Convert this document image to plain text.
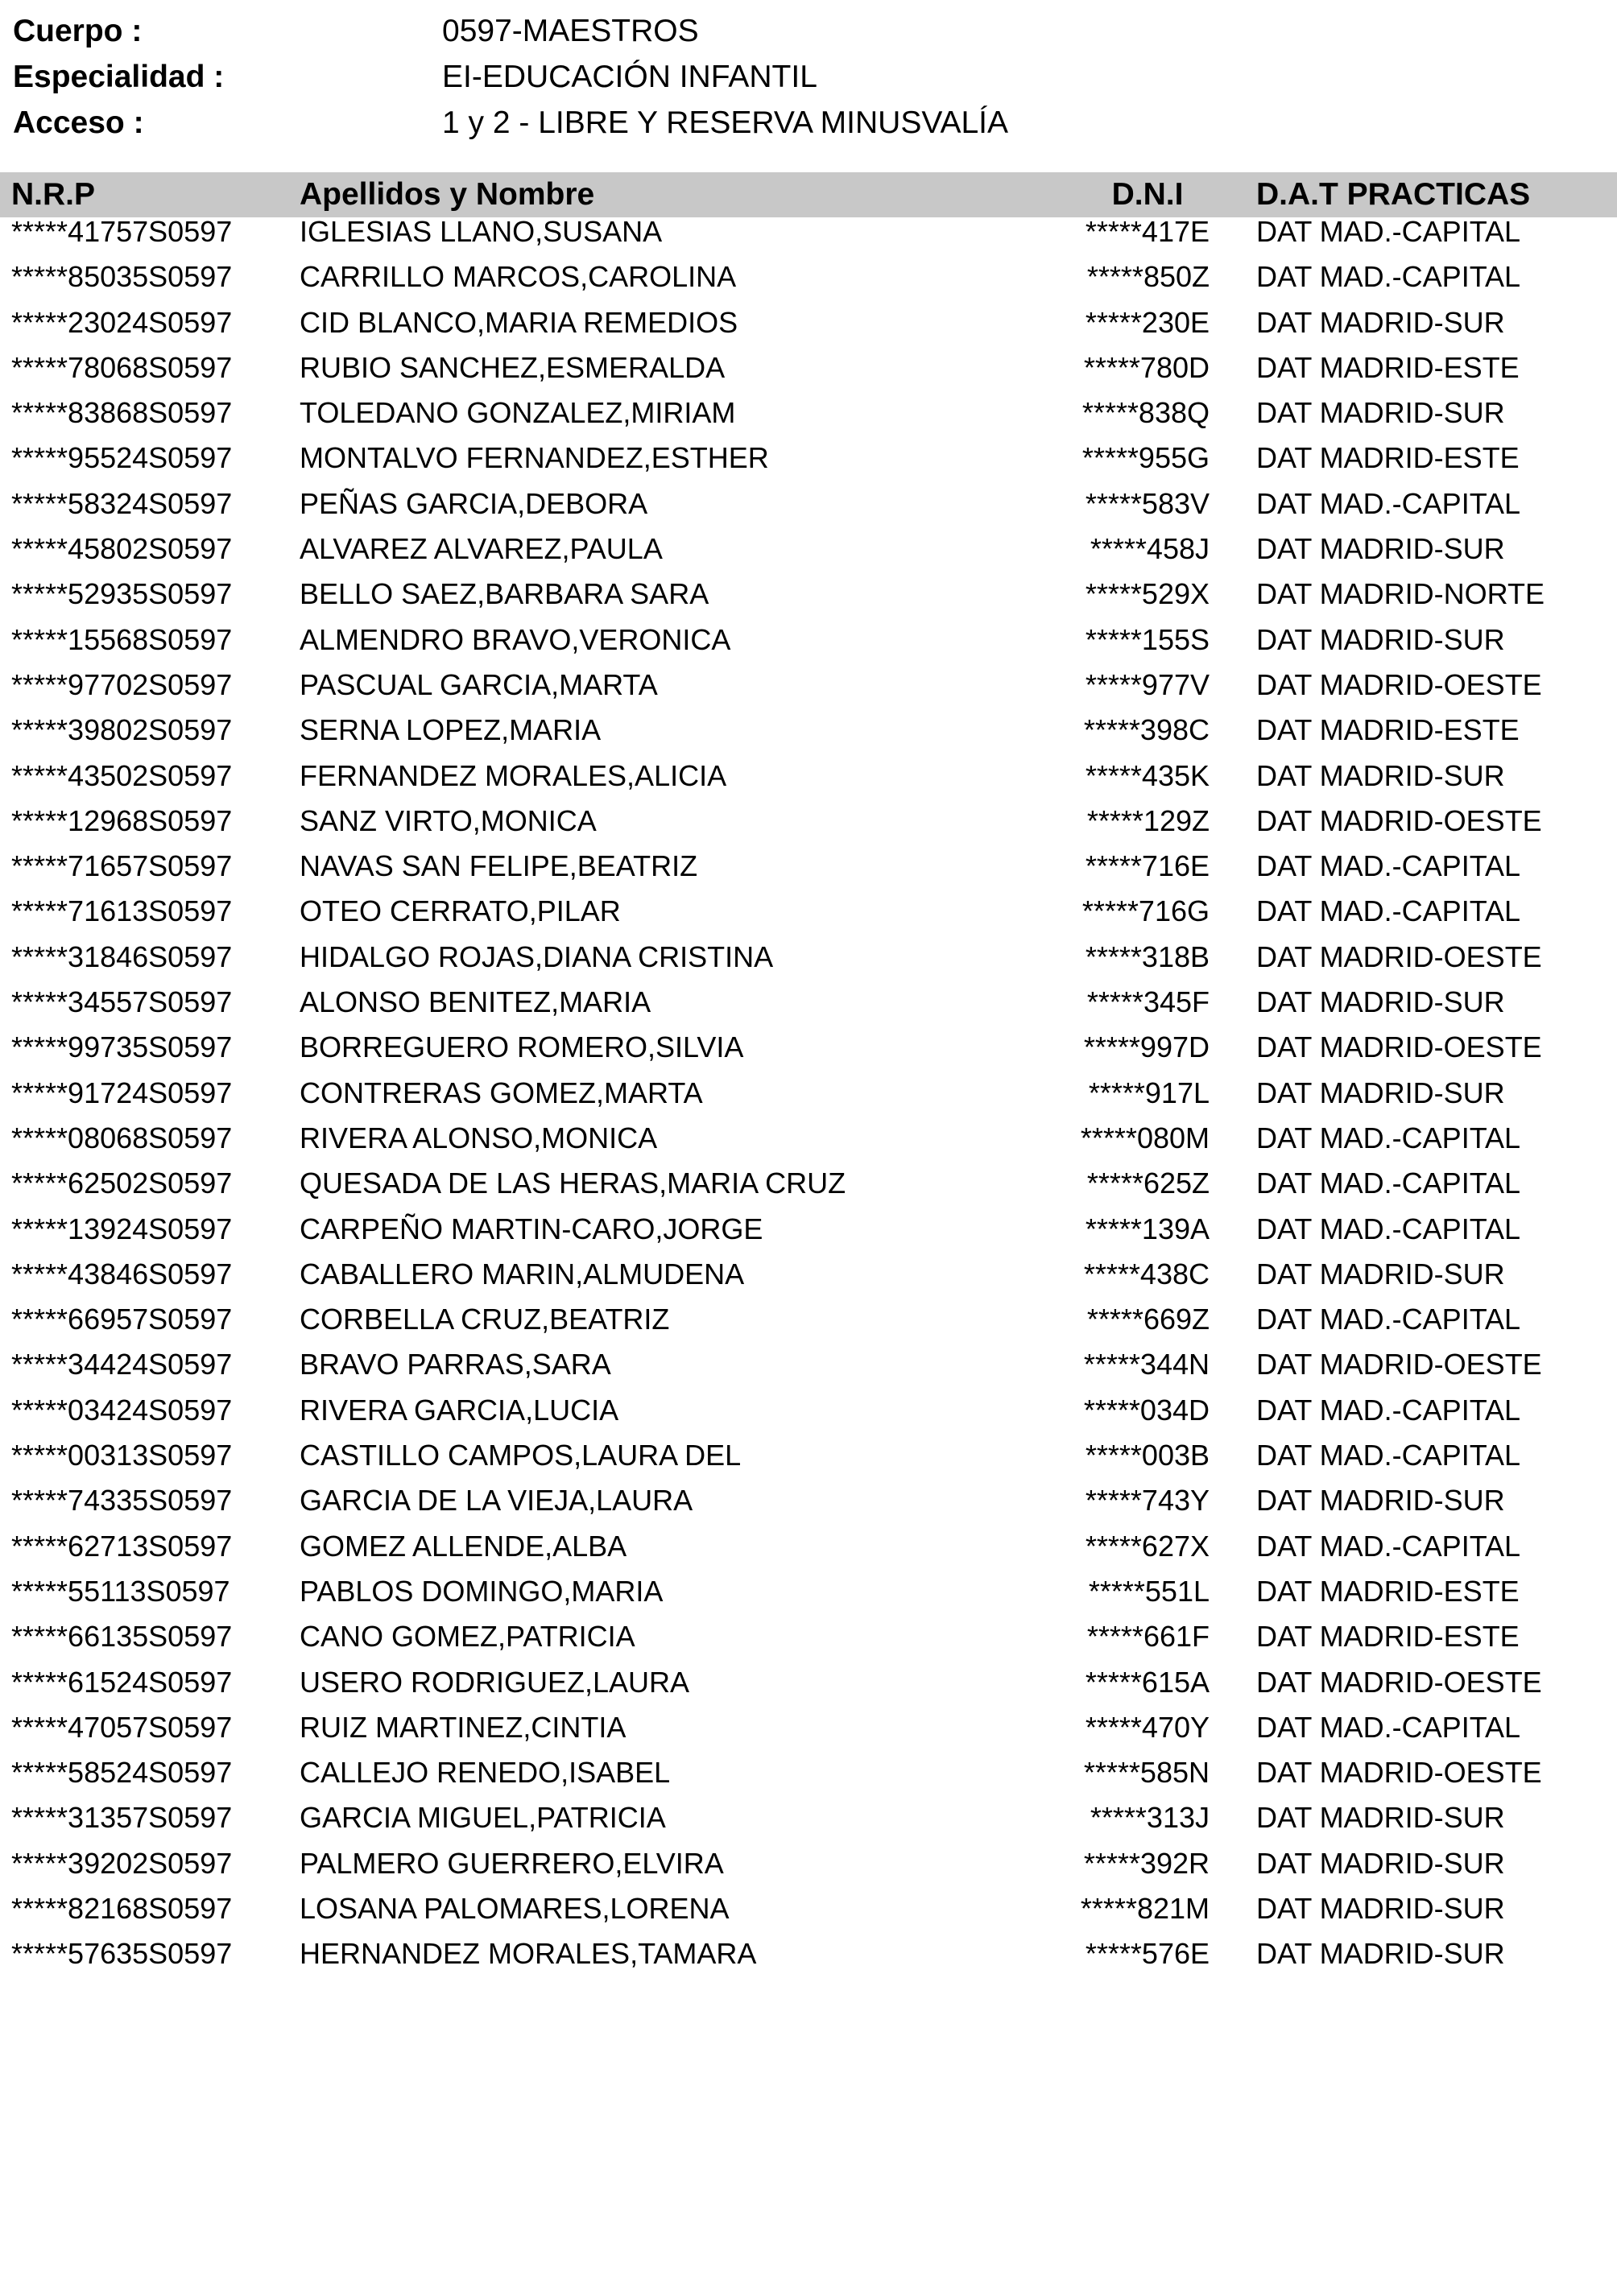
Cuerpo :	0597-MAESTROS
Especialidad :	EI-EDUCACIÓN INFANTIL
Acceso :	1 y 2 - LIBRE Y RESERVA MINUSVALÍA
N.R.P	Apellidos y Nombre	D.N.I D.A.T PRACTICAS
*****41757S0597 IGLESIAS LLANO,SUSANA	*****417E DAT MAD.-CAPITAL
*****85035S0597 CARRILLO MARCOS,CAROLINA	*****850Z DAT MAD.-CAPITAL
*****23024S0597 CID BLANCO,MARIA REMEDIOS	*****230E DAT MADRID-SUR
*****78068S0597 RUBIO SANCHEZ,ESMERALDA	*****780D DAT MADRID-ESTE
*****83868S0597 TOLEDANO GONZALEZ,MIRIAM	*****838Q DAT MADRID-SUR
*****95524S0597 MONTALVO FERNANDEZ,ESTHER	*****955G DAT MADRID-ESTE
*****58324S0597 PEÑAS GARCIA,DEBORA	*****583V DAT MAD.-CAPITAL
*****45802S0597 ALVAREZ ALVAREZ,PAULA	*****458J DAT MADRID-SUR
*****52935S0597 BELLO SAEZ,BARBARA SARA	*****529X DAT MADRID-NORTE
*****15568S0597 ALMENDRO BRAVO,VERONICA	*****155S DAT MADRID-SUR
*****97702S0597 PASCUAL GARCIA,MARTA	*****977V DAT MADRID-OESTE
*****39802S0597 SERNA LOPEZ,MARIA	*****398C DAT MADRID-ESTE
*****43502S0597 FERNANDEZ MORALES,ALICIA	*****435K DAT MADRID-SUR
*****12968S0597 SANZ VIRTO,MONICA	*****129Z DAT MADRID-OESTE
*****71657S0597 NAVAS SAN FELIPE,BEATRIZ	*****716E DAT MAD.-CAPITAL
*****71613S0597 OTEO CERRATO,PILAR	*****716G DAT MAD.-CAPITAL
*****31846S0597 HIDALGO ROJAS,DIANA CRISTINA	*****318B DAT MADRID-OESTE
*****34557S0597 ALONSO BENITEZ,MARIA	*****345F DAT MADRID-SUR
*****99735S0597 BORREGUERO ROMERO,SILVIA	*****997D DAT MADRID-OESTE
*****91724S0597 CONTRERAS GOMEZ,MARTA	*****917L DAT MADRID-SUR
*****08068S0597 RIVERA ALONSO,MONICA	*****080M DAT MAD.-CAPITAL
*****62502S0597 QUESADA DE LAS HERAS,MARIA CRUZ	*****625Z DAT MAD.-CAPITAL
*****13924S0597 CARPEÑO MARTIN-CARO,JORGE	*****139A DAT MAD.-CAPITAL
*****43846S0597 CABALLERO MARIN,ALMUDENA	*****438C DAT MADRID-SUR
*****66957S0597 CORBELLA CRUZ,BEATRIZ	*****669Z DAT MAD.-CAPITAL
*****34424S0597 BRAVO PARRAS,SARA	*****344N DAT MADRID-OESTE
*****03424S0597 RIVERA GARCIA,LUCIA	*****034D DAT MAD.-CAPITAL
*****00313S0597 CASTILLO CAMPOS,LAURA DEL	*****003B DAT MAD.-CAPITAL
*****74335S0597 GARCIA DE LA VIEJA,LAURA	*****743Y DAT MADRID-SUR
*****62713S0597 GOMEZ ALLENDE,ALBA	*****627X DAT MAD.-CAPITAL
*****55113S0597 PABLOS DOMINGO,MARIA	*****551L DAT MADRID-ESTE
*****66135S0597 CANO GOMEZ,PATRICIA	*****661F DAT MADRID-ESTE
*****61524S0597 USERO RODRIGUEZ,LAURA	*****615A DAT MADRID-OESTE
*****47057S0597 RUIZ MARTINEZ,CINTIA	*****470Y DAT MAD.-CAPITAL
*****58524S0597 CALLEJO RENEDO,ISABEL	*****585N DAT MADRID-OESTE
*****31357S0597 GARCIA MIGUEL,PATRICIA	*****313J DAT MADRID-SUR
*****39202S0597 PALMERO GUERRERO,ELVIRA	*****392R DAT MADRID-SUR
*****82168S0597 LOSANA PALOMARES,LORENA	*****821M DAT MADRID-SUR
*****57635S0597 HERNANDEZ MORALES,TAMARA	*****576E DAT MADRID-SUR
